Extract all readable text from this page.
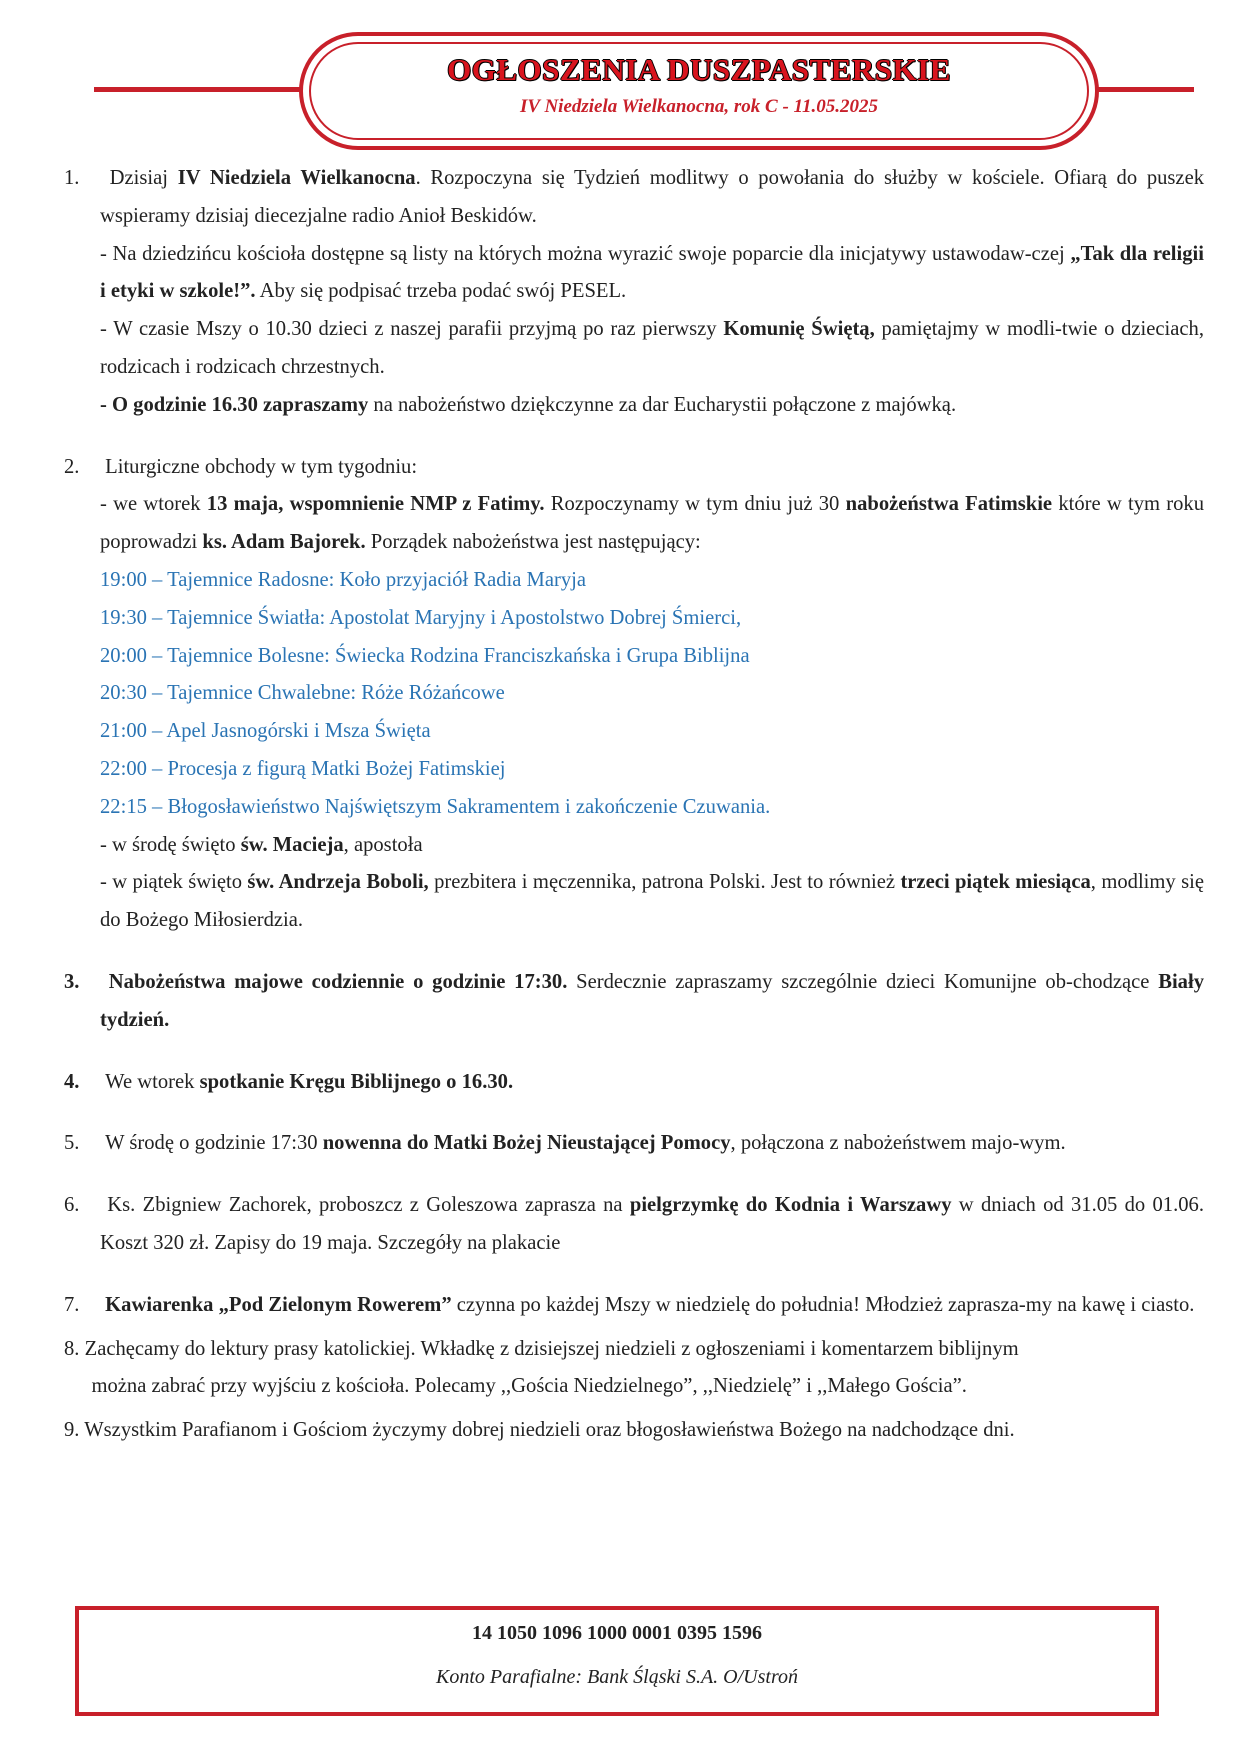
OGŁOSZENIA DUSZPASTERSKIE
IV Niedziela Wielkanocna, rok C - 11.05.2025
1.	Dzisiaj IV Niedziela Wielkanocna. Rozpoczyna się Tydzień modlitwy o powołania do służby w kościele. Ofiarą do puszek wspieramy dzisiaj diecezjalne radio Anioł Beskidów.

- Na dziedzińcu kościoła dostępne są listy na których można wyrazić swoje poparcie dla inicjatywy ustawodaw-czej „Tak dla religii i etyki w szkole!”. Aby się podpisać trzeba podać swój PESEL.

- W czasie Mszy o 10.30 dzieci z naszej parafii przyjmą po raz pierwszy Komunię Świętą, pamiętajmy w modli-twie o dzieciach, rodzicach i rodzicach chrzestnych.

- O godzinie 16.30 zapraszamy na nabożeństwo dziękczynne za dar Eucharystii połączone z majówką.

2. Liturgiczne obchody w tym tygodniu:

- we wtorek 13 maja, wspomnienie NMP z Fatimy. Rozpoczynamy w tym dniu już 30 nabożeństwa Fatimskie które w tym roku poprowadzi ks. Adam Bajorek. Porządek nabożeństwa jest następujący:

19:00 – Tajemnice Radosne: Koło przyjaciół Radia Maryja

19:30 – Tajemnice Światła: Apostolat Maryjny i Apostolstwo Dobrej Śmierci,

20:00 – Tajemnice Bolesne: Świecka Rodzina Franciszkańska i Grupa Biblijna

20:30 – Tajemnice Chwalebne: Róże Różańcowe

21:00 – Apel Jasnogórski i Msza Święta

22:00 – Procesja z figurą Matki Bożej Fatimskiej

22:15 – Błogosławieństwo Najświętszym Sakramentem i zakończenie Czuwania.

- w środę święto św. Macieja, apostoła

- w piątek święto św. Andrzeja Boboli, prezbitera i męczennika, patrona Polski. Jest to również trzeci piątek miesiąca, modlimy się do Bożego Miłosierdzia.

3.	Nabożeństwa majowe codziennie o godzinie 17:30. Serdecznie zapraszamy szczególnie dzieci Komunijne ob-chodzące Biały tydzień.

4. We wtorek spotkanie Kręgu Biblijnego o 16.30.

5. W środę o godzinie 17:30 nowenna do Matki Bożej Nieustającej Pomocy, połączona z nabożeństwem majo-wym.

6.	Ks. Zbigniew Zachorek, proboszcz z Goleszowa zaprasza na pielgrzymkę do Kodnia i Warszawy w dniach od 31.05 do 01.06. Koszt 320 zł. Zapisy do 19 maja. Szczegóły na plakacie

7. Kawiarenka „Pod Zielonym Rowerem” czynna po każdej Mszy w niedzielę do południa! Młodzież zaprasza-my na kawę i ciasto.

8. Zachęcamy do lektury prasy katolickiej. Wkładkę z dzisiejszej niedzieli z ogłoszeniami i komentarzem biblijnym

można zabrać przy wyjściu z kościoła. Polecamy ,,Gościa Niedzielnego”, ,,Niedzielę” i ,,Małego Gościa”.

9. Wszystkim Parafianom i Gościom życzymy dobrej niedzieli oraz błogosławieństwa Bożego na nadchodzące dni.

14 1050 1096 1000 0001 0395 1596
Konto Parafialne: Bank Śląski S.A. O/Ustroń
